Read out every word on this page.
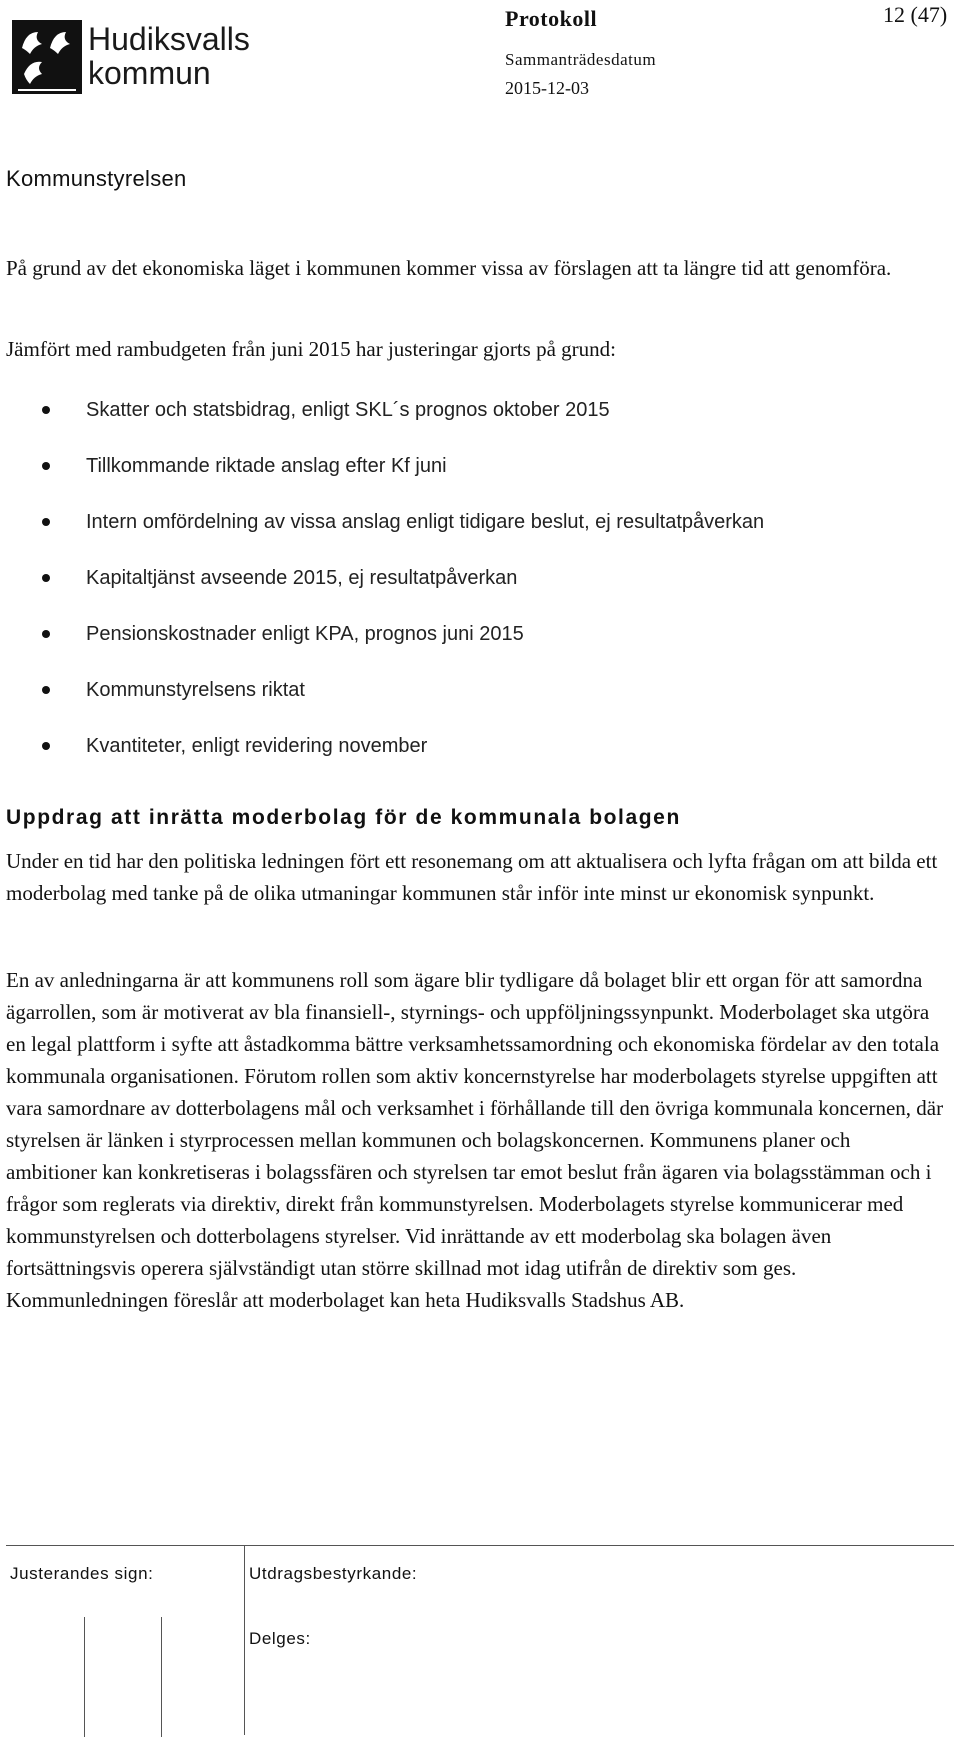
Hudiksvalls
kommun
Protokoll	12 (47)
Sammanträdesdatum
2015-12-03
Kommunstyrelsen
På grund av det ekonomiska läget i kommunen kommer vissa av förslagen att ta längre tid att genomföra.
Jämfört med rambudgeten från juni 2015 har justeringar gjorts på grund:
Skatter och statsbidrag, enligt SKL´s prognos oktober 2015
Tillkommande riktade anslag efter Kf juni
Intern omfördelning av vissa anslag enligt tidigare beslut, ej resultatpåverkan
Kapitaltjänst avseende 2015, ej resultatpåverkan
Pensionskostnader enligt KPA, prognos juni 2015
Kommunstyrelsens riktat
Kvantiteter, enligt revidering november
Uppdrag att inrätta moderbolag för de kommunala bolagen
Under en tid har den politiska ledningen fört ett resonemang om att aktualisera och lyfta frågan om att bilda ett moderbolag med tanke på de olika utmaningar kommunen står inför inte minst ur ekonomisk synpunkt.
En av anledningarna är att kommunens roll som ägare blir tydligare då bolaget blir ett organ för att samordna ägarrollen, som är motiverat av bla finansiell-, styrnings- och uppföljningssynpunkt. Moderbolaget ska utgöra en legal plattform i syfte att åstadkomma bättre verksamhetssamordning och ekonomiska fördelar av den totala kommunala organisationen. Förutom rollen som aktiv koncernstyrelse har moderbolagets styrelse uppgiften att vara samordnare av dotterbolagens mål och verksamhet i förhållande till den övriga kommunala koncernen, där styrelsen är länken i styrprocessen mellan kommunen och bolagskoncernen. Kommunens planer och ambitioner kan konkretiseras i bolagssfären och styrelsen tar emot beslut från ägaren via bolagsstämman och i frågor som reglerats via direktiv, direkt från kommunstyrelsen. Moderbolagets styrelse kommunicerar med kommunstyrelsen och dotterbolagens styrelser. Vid inrättande av ett moderbolag ska bolagen även fortsättningsvis operera självständigt utan större skillnad mot idag utifrån de direktiv som ges. Kommunledningen föreslår att moderbolaget kan heta Hudiksvalls Stadshus AB.
Justerandes sign:	Utdragsbestyrkande:
Delges:
